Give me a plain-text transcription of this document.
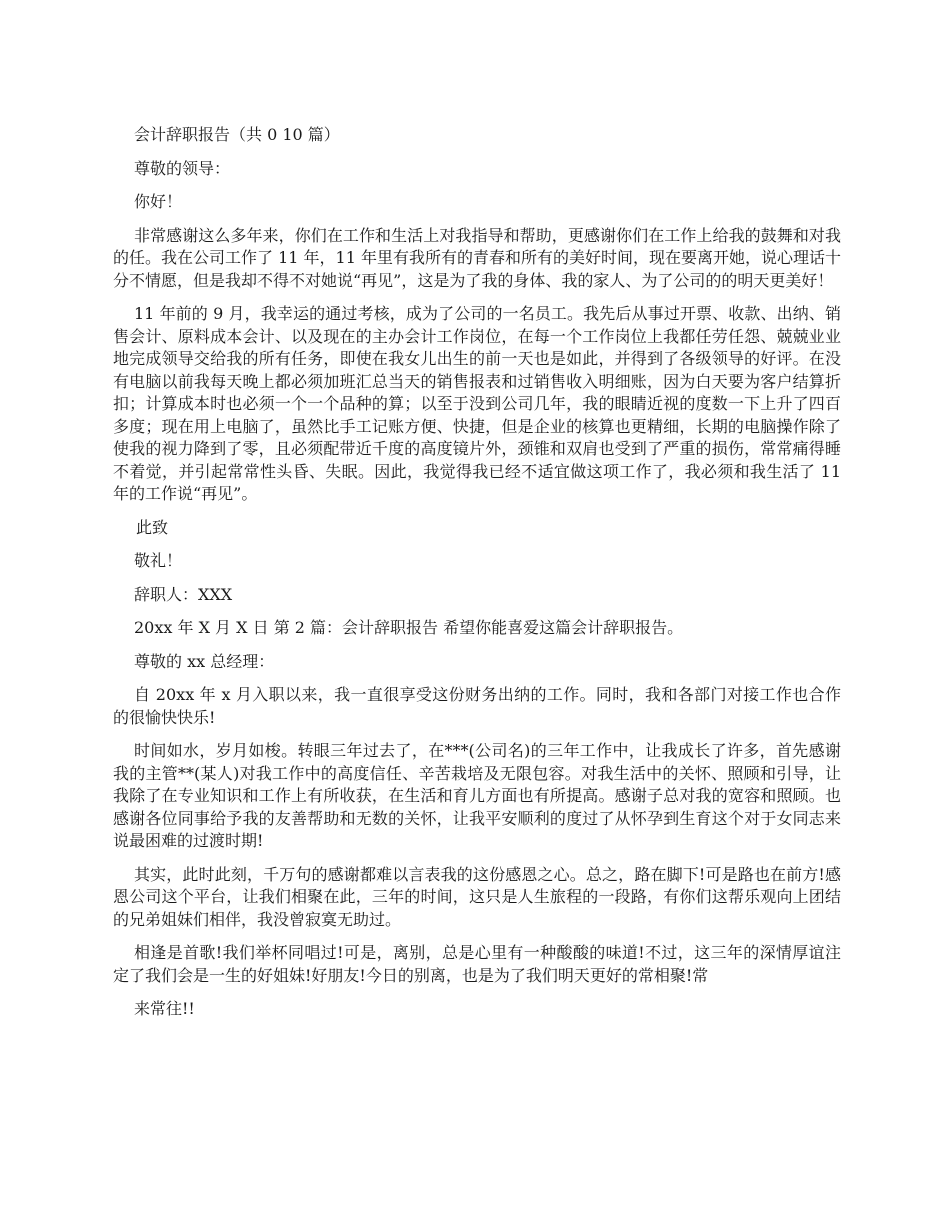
会计辞职报告（共 0 10 篇）

尊敬的领导：

你好！

非常感谢这么多年来，你们在工作和生活上对我指导和帮助，更感谢你们在工作上给我的鼓舞和对我的任。我在公司工作了 11 年，11 年里有我所有的青春和所有的美好时间，现在要离开她，说心理话十分不情愿，但是我却不得不对她说“再见”，这是为了我的身体、我的家人、为了公司的的明天更美好！

11 年前的 9 月，我幸运的通过考核，成为了公司的一名员工。我先后从事过开票、收款、出纳、销售会计、原料成本会计、以及现在的主办会计工作岗位，在每一个工作岗位上我都任劳任怨、兢兢业业地完成领导交给我的所有任务，即使在我女儿出生的前一天也是如此，并得到了各级领导的好评。在没有电脑以前我每天晚上都必须加班汇总当天的销售报表和过销售收入明细账，因为白天要为客户结算折扣；计算成本时也必须一个一个品种的算；以至于没到公司几年，我的眼睛近视的度数一下上升了四百多度；现在用上电脑了，虽然比手工记账方便、快捷，但是企业的核算也更精细，长期的电脑操作除了使我的视力降到了零，且必须配带近千度的高度镜片外，颈锥和双肩也受到了严重的损伤，常常痛得睡不着觉，并引起常常性头昏、失眠。因此，我觉得我已经不适宜做这项工作了，我必须和我生活了 11 年的工作说“再见”。

此致

敬礼！

辞职人：XXX

20xx 年 X 月 X 日 第 2 篇：会计辞职报告 希望你能喜爱这篇会计辞职报告。

尊敬的 xx 总经理：

自 20xx 年 x 月入职以来，我一直很享受这份财务出纳的工作。同时，我和各部门对接工作也合作的很愉快快乐!

时间如水，岁月如梭。转眼三年过去了，在***(公司名)的三年工作中，让我成长了许多，首先感谢我的主管**(某人)对我工作中的高度信任、辛苦栽培及无限包容。对我生活中的关怀、照顾和引导，让我除了在专业知识和工作上有所收获，在生活和育儿方面也有所提高。感谢子总对我的宽容和照顾。也感谢各位同事给予我的友善帮助和无数的关怀，让我平安顺利的度过了从怀孕到生育这个对于女同志来说最困难的过渡时期!

其实，此时此刻，千万句的感谢都难以言表我的这份感恩之心。总之，路在脚下!可是路也在前方!感恩公司这个平台，让我们相聚在此，三年的时间，这只是人生旅程的一段路，有你们这帮乐观向上团结的兄弟姐妹们相伴，我没曾寂寞无助过。

相逢是首歌!我们举杯同唱过!可是，离别，总是心里有一种酸酸的味道!不过，这三年的深情厚谊注定了我们会是一生的好姐妹!好朋友!今日的别离，也是为了我们明天更好的常相聚!常

来常往!!
